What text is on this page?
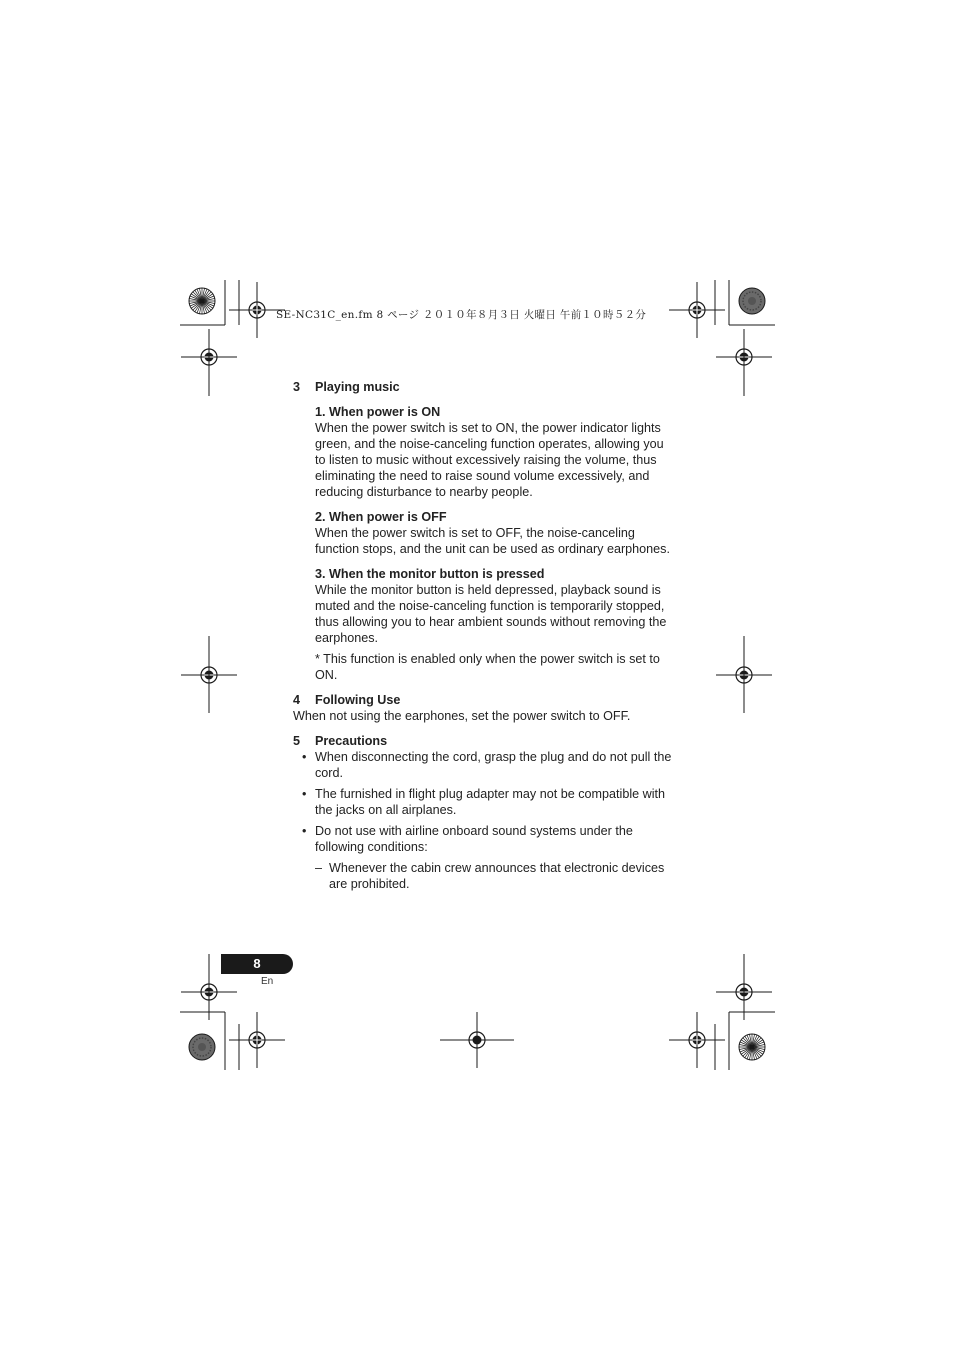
SE-NC31C_en.fm 8 ページ ２０１０年８月３日 火曜日 午前１０時５２分

3 Playing music

1. When power is ON

When the power switch is set to ON, the power indicator lights green, and the noise-canceling function operates, allowing you to listen to music without excessively raising the volume, thus eliminating the need to raise sound volume excessively, and reducing disturbance to nearby people.

2. When power is OFF

When the power switch is set to OFF, the noise-canceling function stops, and the unit can be used as ordinary earphones.

3. When the monitor button is pressed

While the monitor button is held depressed, playback sound is muted and the noise-canceling function is temporarily stopped, thus allowing you to hear ambient sounds without removing the earphones.

* This function is enabled only when the power switch is set to ON.

4 Following Use

When not using the earphones, set the power switch to OFF.

5 Precautions

• When disconnecting the cord, grasp the plug and do not pull the cord.
• The furnished in flight plug adapter may not be compatible with the jacks on all airplanes.
• Do not use with airline onboard sound systems under the following conditions:
– Whenever the cabin crew announces that electronic devices are prohibited.
8
En
